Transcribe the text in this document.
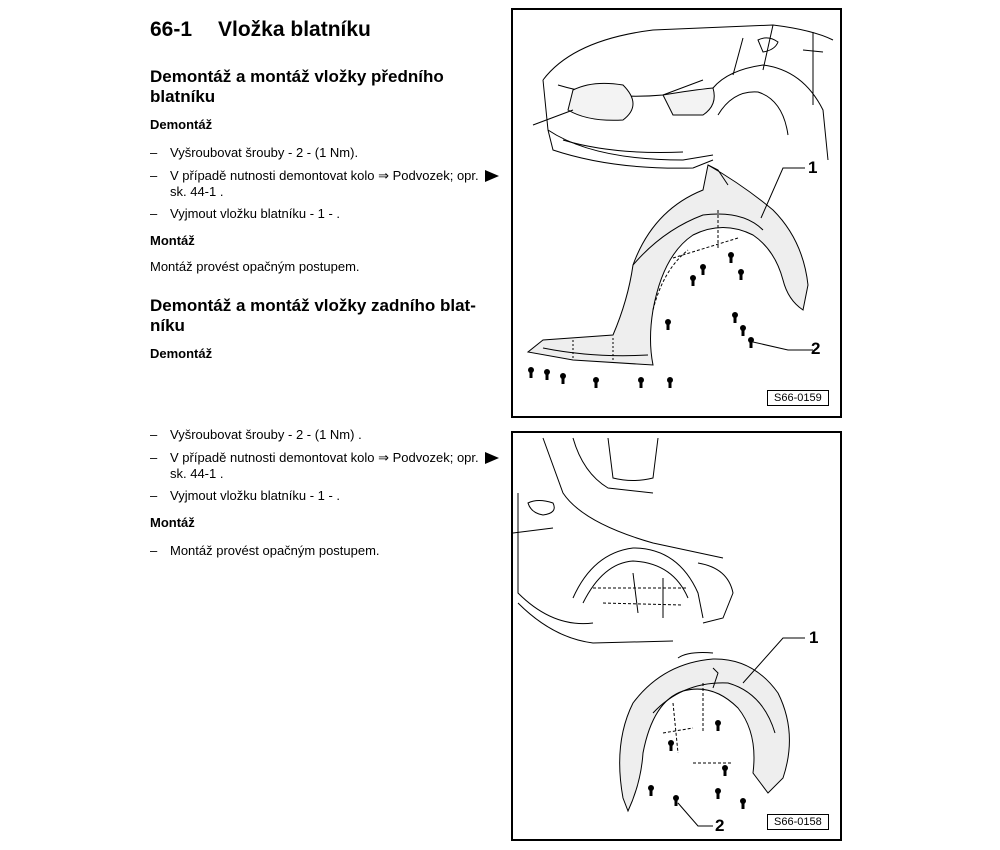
66-1 Vložka blatníku
Demontáž a montáž vložky předního
blatníku
Demontáž
– Vyšroubovat šrouby - 2 - (1 Nm).
– V případě nutnosti demontovat kolo ⇒ Podvozek; opr.
sk. 44-1 .
– Vyjmout vložku blatníku - 1 - .
Montáž
Montáž provést opačným postupem.
Demontáž a montáž vložky zadního blat-
níku
Demontáž
– Vyšroubovat šrouby - 2 - (1 Nm) .
– V případě nutnosti demontovat kolo ⇒ Podvozek; opr.
sk. 44-1 .
– Vyjmout vložku blatníku - 1 - .
Montáž
– Montáž provést opačným postupem.
1
2
S66-0159
1
2	S66-0158
